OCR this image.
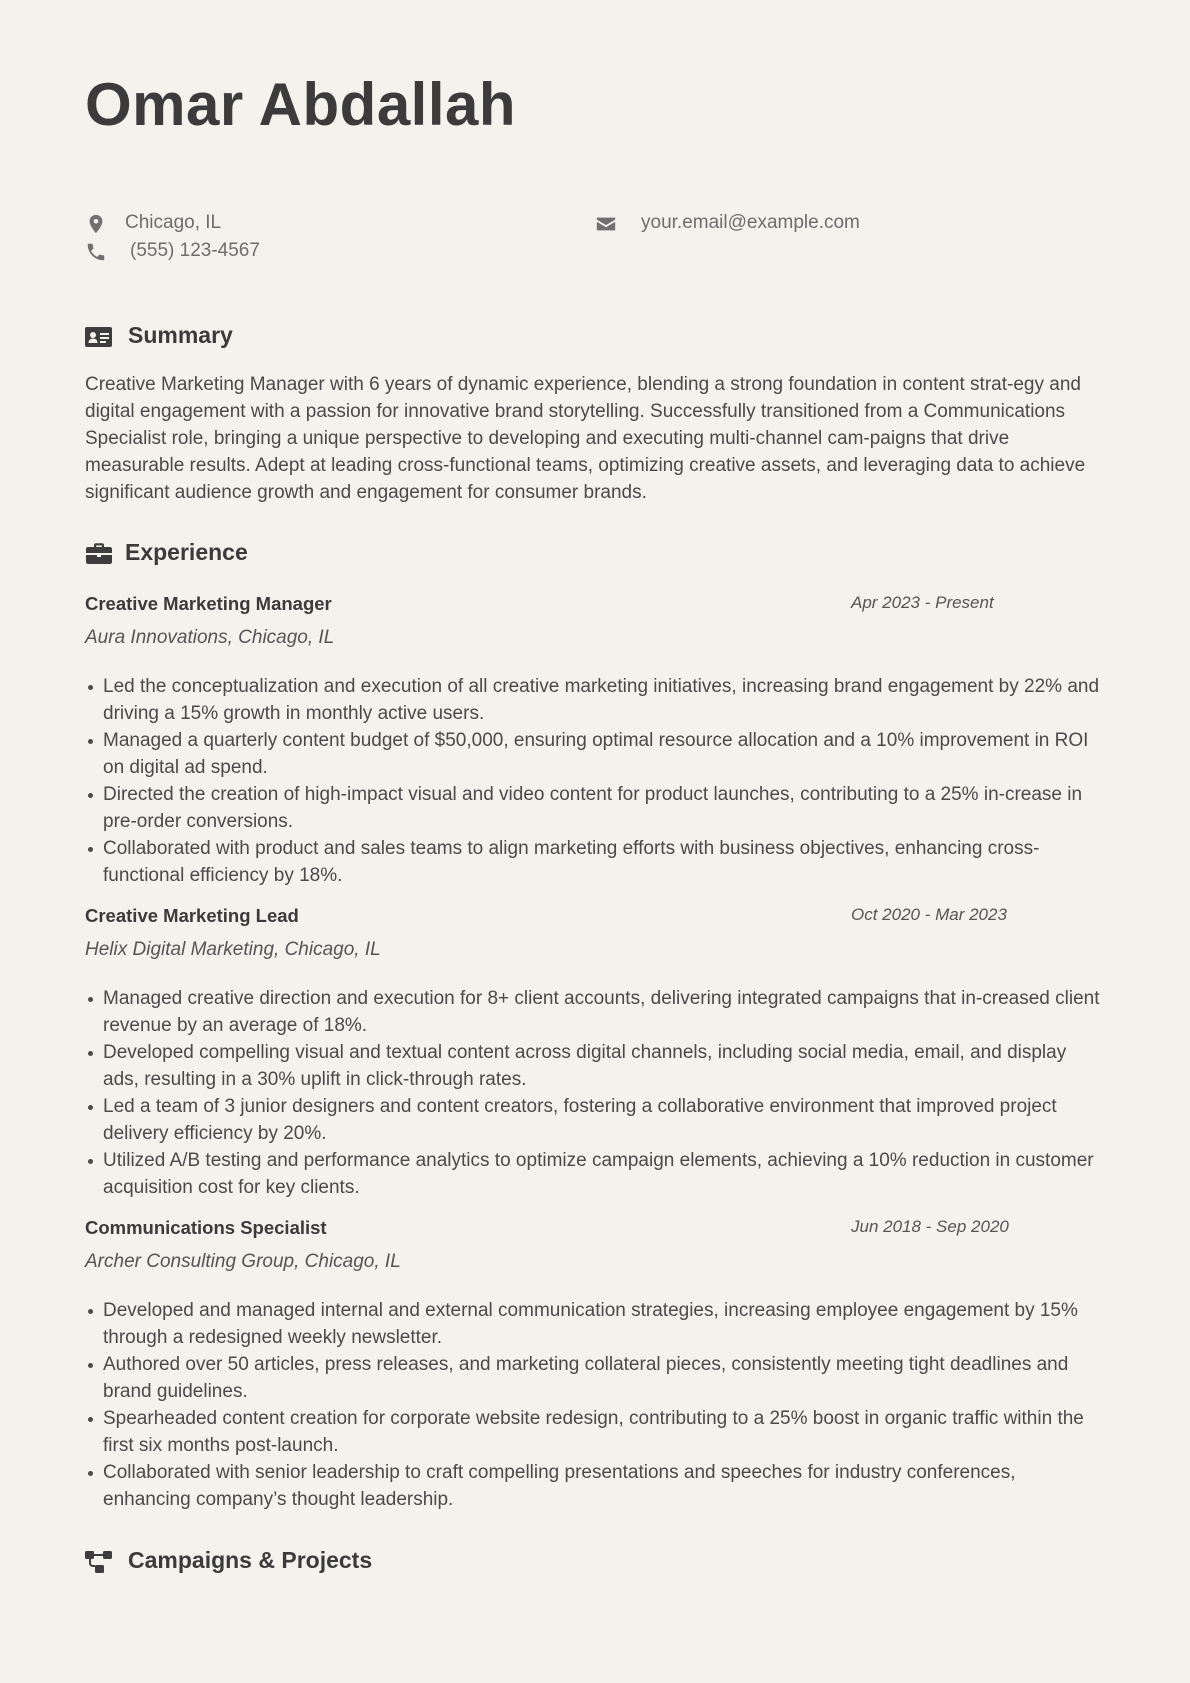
Omar Abdallah
Chicago, IL
(555) 123-4567
your.email@example.com
Summary
Creative Marketing Manager with 6 years of dynamic experience, blending a strong foundation in content strat-egy and digital engagement with a passion for innovative brand storytelling. Successfully transitioned from a Communications Specialist role, bringing a unique perspective to developing and executing multi-channel cam-paigns that drive measurable results. Adept at leading cross-functional teams, optimizing creative assets, and leveraging data to achieve significant audience growth and engagement for consumer brands.
Experience
Creative Marketing Manager	Apr 2023 - Present
Aura Innovations, Chicago, IL
Led the conceptualization and execution of all creative marketing initiatives, increasing brand engagement by 22% and driving a 15% growth in monthly active users.
Managed a quarterly content budget of $50,000, ensuring optimal resource allocation and a 10% improvement in ROI on digital ad spend.
Directed the creation of high-impact visual and video content for product launches, contributing to a 25% in-crease in pre-order conversions.
Collaborated with product and sales teams to align marketing efforts with business objectives, enhancing cross-functional efficiency by 18%.
Creative Marketing Lead	Oct 2020 - Mar 2023
Helix Digital Marketing, Chicago, IL
Managed creative direction and execution for 8+ client accounts, delivering integrated campaigns that in-creased client revenue by an average of 18%.
Developed compelling visual and textual content across digital channels, including social media, email, and display ads, resulting in a 30% uplift in click-through rates.
Led a team of 3 junior designers and content creators, fostering a collaborative environment that improved project delivery efficiency by 20%.
Utilized A/B testing and performance analytics to optimize campaign elements, achieving a 10% reduction in customer acquisition cost for key clients.
Communications Specialist	Jun 2018 - Sep 2020
Archer Consulting Group, Chicago, IL
Developed and managed internal and external communication strategies, increasing employee engagement by 15% through a redesigned weekly newsletter.
Authored over 50 articles, press releases, and marketing collateral pieces, consistently meeting tight deadlines and brand guidelines.
Spearheaded content creation for corporate website redesign, contributing to a 25% boost in organic traffic within the first six months post-launch.
Collaborated with senior leadership to craft compelling presentations and speeches for industry conferences, enhancing company’s thought leadership.
Campaigns & Projects
